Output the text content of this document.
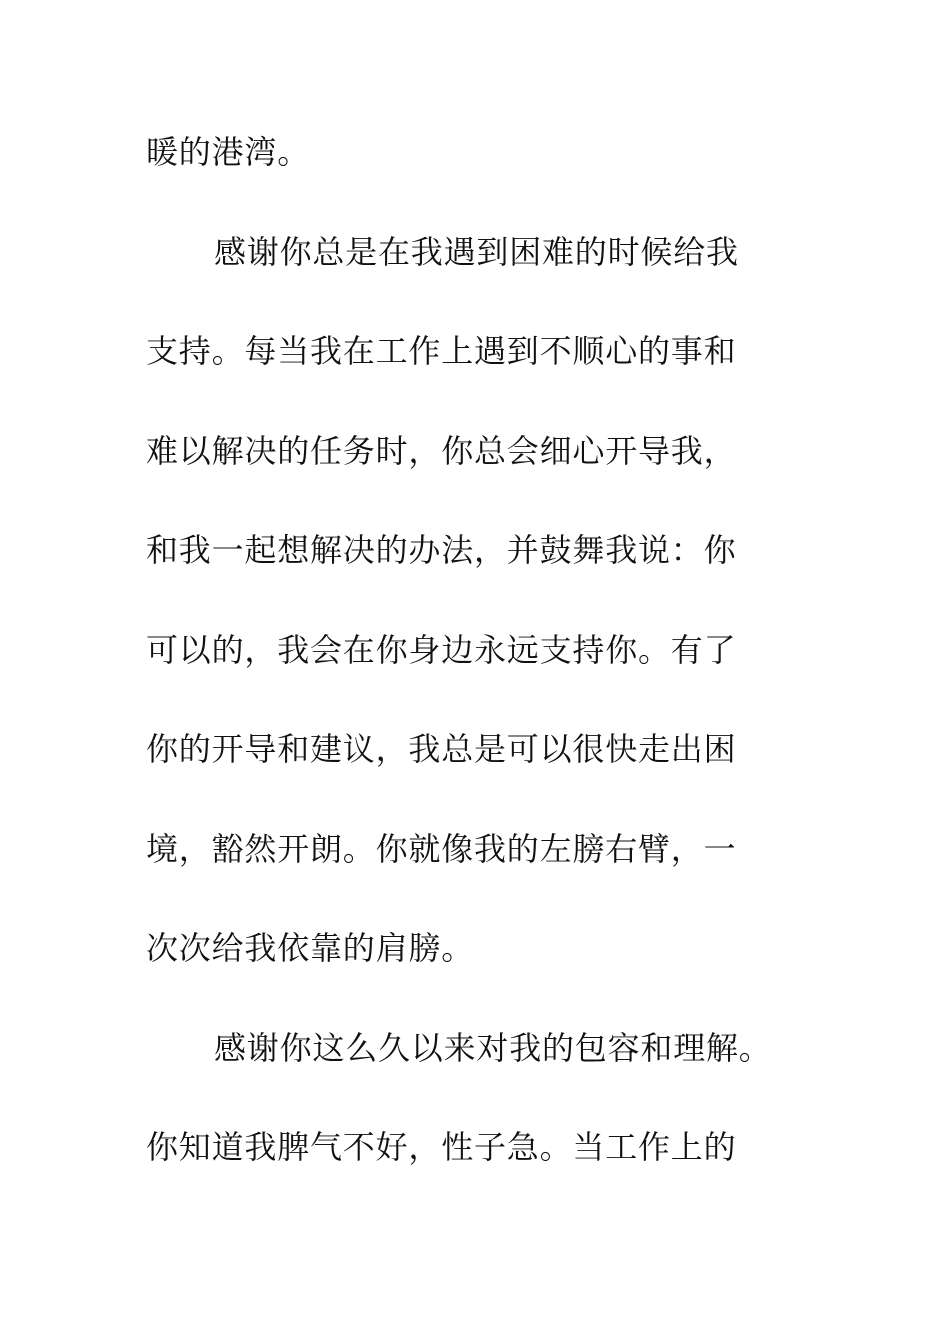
暖的港湾。
感谢你总是在我遇到困难的时候给我
支持。每当我在工作上遇到不顺心的事和
难以解决的任务时，你总会细心开导我，
和我一起想解决的办法，并鼓舞我说：你
可以的，我会在你身边永远支持你。有了
你的开导和建议，我总是可以很快走出困
境，豁然开朗。你就像我的左膀右臂，一
次次给我依靠的肩膀。
感谢你这么久以来对我的包容和理解。
你知道我脾气不好，性子急。当工作上的
